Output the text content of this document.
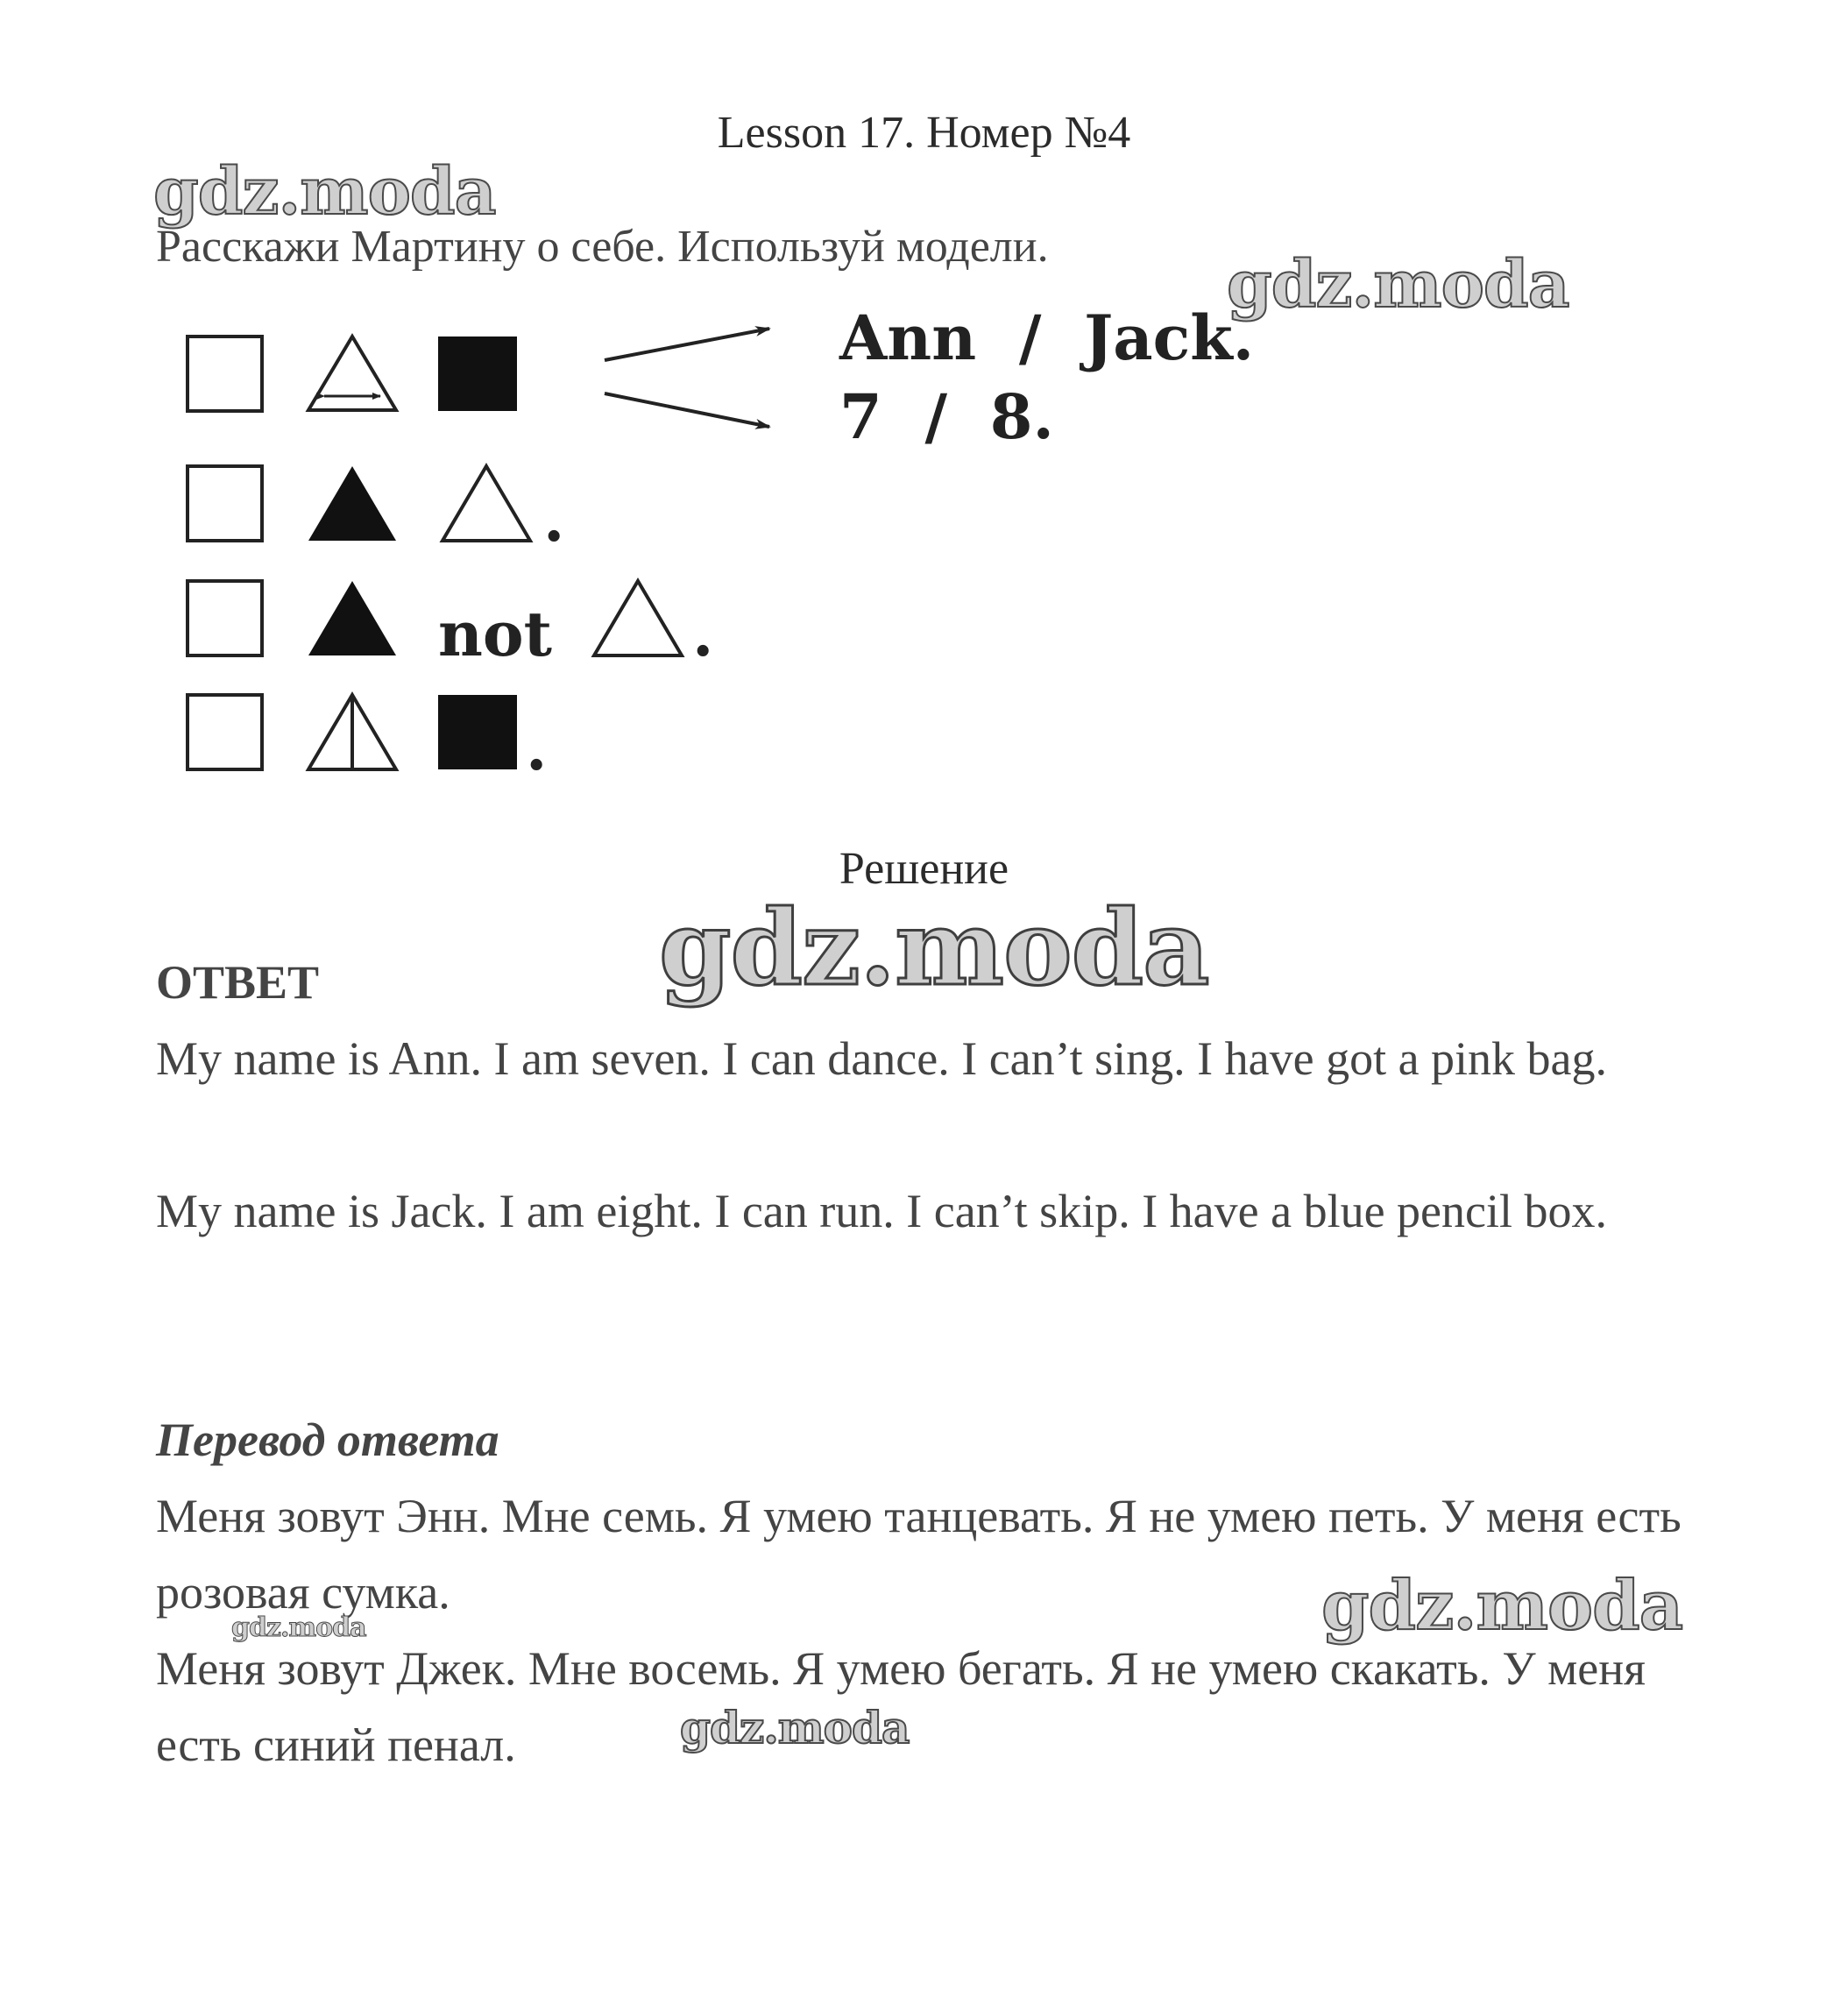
Lesson 17. Номер №4
gdz.moda
Расскажи Мартину о себе. Используй модели.
Ann  /  Jack.
7  /  8.
.
not .
.
gdz.moda
Решение
gdz.moda
ОТВЕТ
My name is Ann. I am seven. I can dance. I can’t sing. I have got a pink bag.
My name is Jack. I am eight. I can run. I can’t skip. I have a blue pencil box.
Перевод ответа
Меня зовут Энн. Мне семь. Я умею танцевать. Я не умею петь. У меня есть розовая сумка.
Меня зовут Джек. Мне восемь. Я умею бегать. Я не умею скакать. У меня есть синий пенал.
gdz.moda
gdz.moda
gdz.moda
